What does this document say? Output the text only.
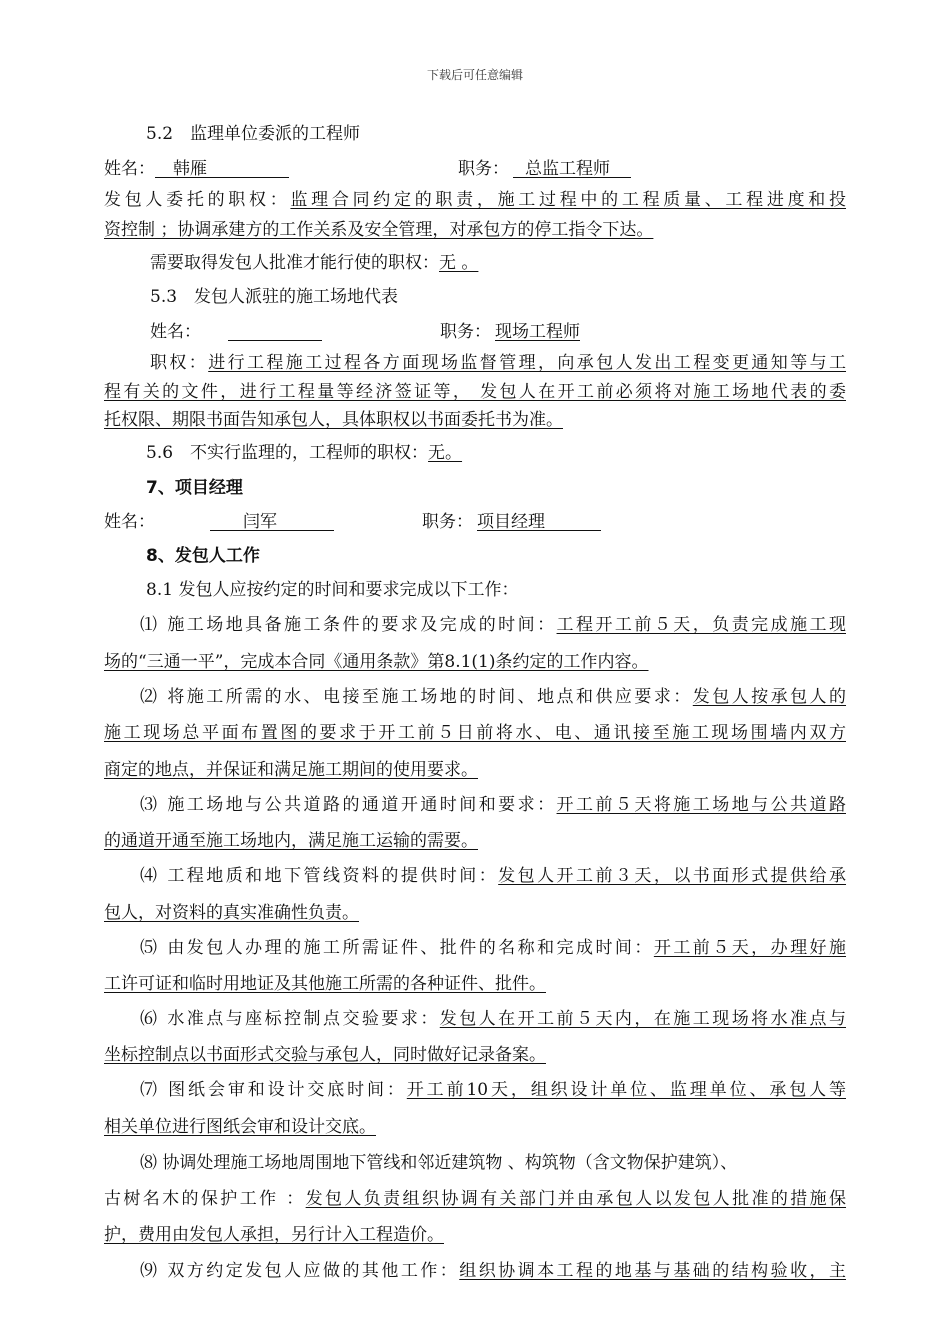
下载后可任意编辑
5.2　监理单位委派的工程师
姓名： 韩雁	职务： 总监工程师
发包人委托的职权：监理合同约定的职责，施工过程中的工程质量、工程进度和投
资控制 ；协调承建方的工作关系及安全管理，对承包方的停工指令下达。
需要取得发包人批准才能行使的职权：无 。
5.3　发包人派驻的施工场地代表
姓名：	职务： 现场工程师
职权：进行工程施工过程各方面现场监督管理，向承包人发出工程变更通知等与工
程有关的文件，进行工程量等经济签证等， 发包人在开工前必须将对施工场地代表的委
托权限、期限书面告知承包人，具体职权以书面委托书为准。
5.6　不实行监理的，工程师的职权：无。
7、项目经理
姓名：	闫军	职务： 项目经理
8、发包人工作
8.1 发包人应按约定的时间和要求完成以下工作：
⑴ 施工场地具备施工条件的要求及完成的时间：工程开工前５天，负责完成施工现
场的“三通一平”，完成本合同《通用条款》第8.1(1)条约定的工作内容。
⑵ 将施工所需的水、电接至施工场地的时间、地点和供应要求：发包人按承包人的
施工现场总平面布置图的要求于开工前５日前将水、电、通讯接至施工现场围墙内双方
商定的地点，并保证和满足施工期间的使用要求。
⑶ 施工场地与公共道路的通道开通时间和要求：开工前５天将施工场地与公共道路
的通道开通至施工场地内，满足施工运输的需要。
⑷ 工程地质和地下管线资料的提供时间：发包人开工前３天，以书面形式提供给承
包人，对资料的真实准确性负责。
⑸ 由发包人办理的施工所需证件、批件的名称和完成时间：开工前５天，办理好施
工许可证和临时用地证及其他施工所需的各种证件、批件。
⑹ 水准点与座标控制点交验要求：发包人在开工前５天内，在施工现场将水准点与
坐标控制点以书面形式交验与承包人，同时做好记录备案。
⑺ 图纸会审和设计交底时间：开工前10天，组织设计单位、监理单位、承包人等
相关单位进行图纸会审和设计交底。
⑻ 协调处理施工场地周围地下管线和邻近建筑物 、构筑物（含文物保护建筑）、
古树名木的保护工作 ：发包人负责组织协调有关部门并由承包人以发包人批准的措施保
护，费用由发包人承担，另行计入工程造价。
⑼ 双方约定发包人应做的其他工作：组织协调本工程的地基与基础的结构验收，主
